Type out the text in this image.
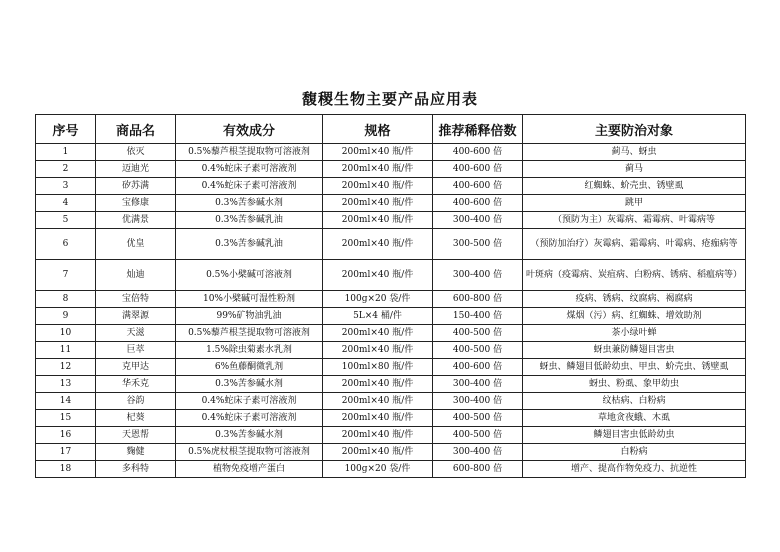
馥稷生物主要产品应用表
序号	商品名	有效成分	规格	推荐稀释倍数	主要防治对象
1	依灭	0.5%藜芦根茎提取物可溶液剂	200ml×40 瓶/件	400-600 倍	蓟马、蚜虫
2	迈迪光	0.4%蛇床子素可溶液剂	200ml×40 瓶/件	400-600 倍	蓟马
3	矽苏满	0.4%蛇床子素可溶液剂	200ml×40 瓶/件	400-600 倍	红蜘蛛、蚧壳虫、锈壁虱
4	宝修康	0.3%苦参碱水剂	200ml×40 瓶/件	400-600 倍	跳甲
5	优满景	0.3%苦参碱乳油	200ml×40 瓶/件	300-400 倍	（预防为主）灰霉病、霜霉病、叶霉病等
6	优皇	0.3%苦参碱乳油	200ml×40 瓶/件	300-500 倍	（预防加治疗）灰霉病、霜霉病、叶霉病、疮痂病等
7	灿迪	0.5%小檗碱可溶液剂	200ml×40 瓶/件	300-400 倍	叶斑病（疫霉病、炭疽病、白粉病、锈病、稻瘟病等）
8	宝倍特	10%小檗碱可湿性粉剂	100g×20 袋/件	600-800 倍	疫病、锈病、纹腐病、褐腐病
9	满翠源	99%矿物油乳油	5L×4 桶/件	150-400 倍	煤烟（污）病、红蜘蛛、增效助剂
10	天滋	0.5%藜芦根茎提取物可溶液剂	200ml×40 瓶/件	400-500 倍	茶小绿叶蝉
11	巨萃	1.5%除虫菊素水乳剂	200ml×40 瓶/件	400-500 倍	蚜虫兼防鳞翅目害虫
12	克甲达	6%鱼藤酮微乳剂	100ml×80 瓶/件	400-600 倍	蚜虫、鳞翅目低龄幼虫、甲虫、蚧壳虫、锈壁虱
13	华禾克	0.3%苦参碱水剂	200ml×40 瓶/件	300-400 倍	蚜虫、粉虱、象甲幼虫
14	谷韵	0.4%蛇床子素可溶液剂	200ml×40 瓶/件	300-400 倍	纹枯病、白粉病
15	杞葵	0.4%蛇床子素可溶液剂	200ml×40 瓶/件	400-500 倍	草地贪夜蛾、木虱
16	天恩帮	0.3%苦参碱水剂	200ml×40 瓶/件	400-500 倍	鳞翅目害虫低龄幼虫
17	麴健	0.5%虎杖根茎提取物可溶液剂	200ml×40 瓶/件	300-400 倍	白粉病
18	多科特	植物免疫增产蛋白	100g×20 袋/件	600-800 倍	增产、提高作物免疫力、抗逆性
